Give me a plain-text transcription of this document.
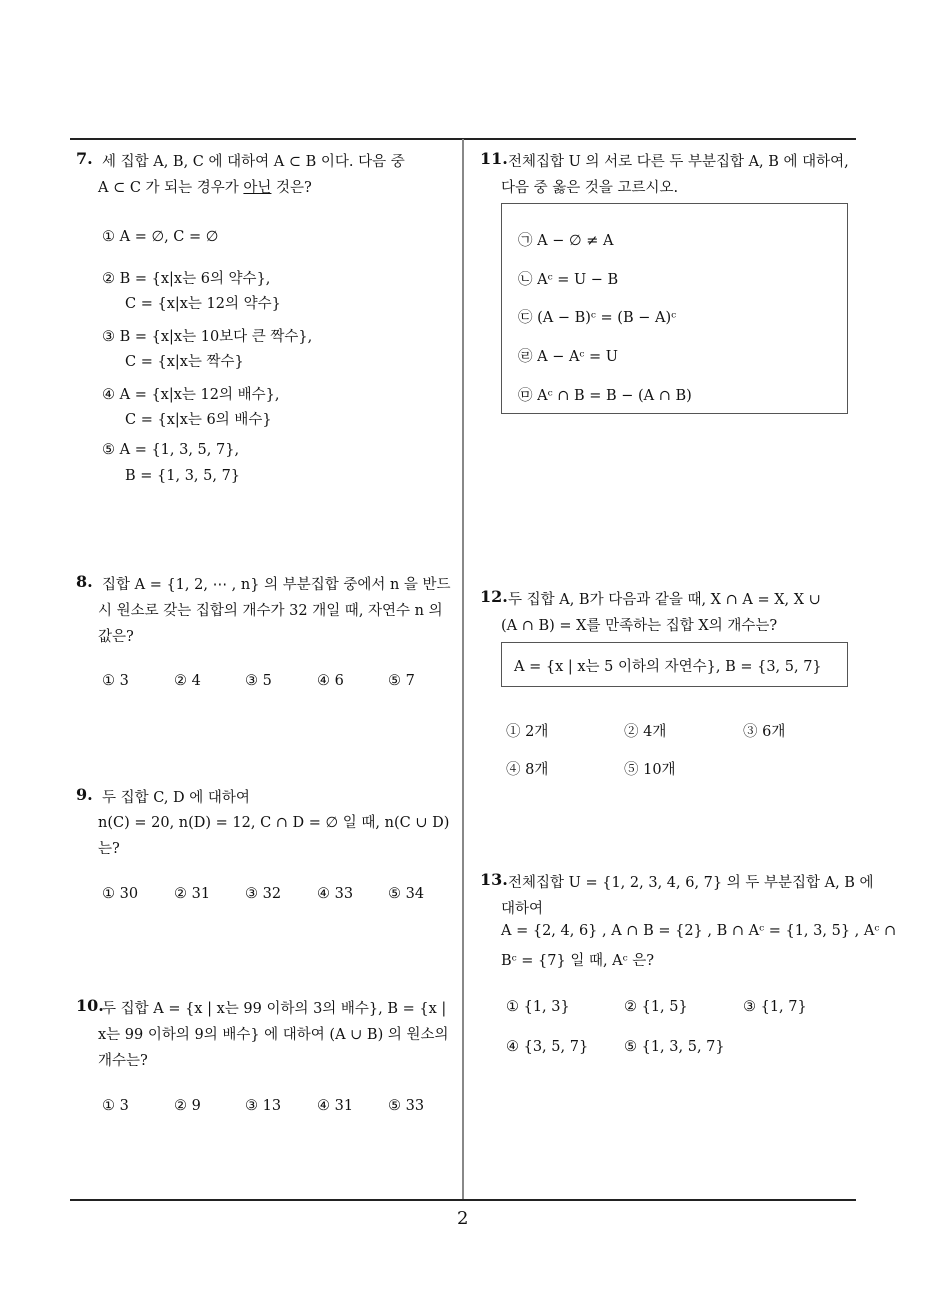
7. 세 집합 A, B, C 에 대하여 A ⊂ B 이다. 다음 중
A ⊂ C 가 되는 경우가 아닌 것은?
① A = ∅, C = ∅
② B = {x|x는 6의 약수},
C = {x|x는 12의 약수}
③ B = {x|x는 10보다 큰 짝수},
C = {x|x는 짝수}
④ A = {x|x는 12의 배수},
C = {x|x는 6의 배수}
⑤ A = {1, 3, 5, 7},
B = {1, 3, 5, 7}
8. 집합 A = {1, 2, ⋯ , n} 의 부분집합 중에서 n 을 반드
시 원소로 갖는 집합의 개수가 32 개일 때, 자연수 n 의
값은?
① 3	② 4	③ 5	④ 6	⑤ 7
9. 두 집합 C, D 에 대하여
n(C) = 20, n(D) = 12, C ∩ D = ∅ 일 때, n(C ∪ D)
는?
① 30 ② 31 ③ 32 ④ 33 ⑤ 34
10.
두 집합 A = {x | x는 99 이하의 3의 배수}, B = {x |
x는 99 이하의 9의 배수} 에 대하여 (A ∪ B) 의 원소의
개수는?
① 3	② 9	③ 13 ④ 31 ⑤ 33
11. 전체집합 U 의 서로 다른 두 부분집합 A, B 에 대하여,
다음 중 옳은 것을 고르시오.
㉠ A − ∅ ≠ A
㉡ Aᶜ = U − B
㉢ (A − B)ᶜ = (B − A)ᶜ
㉣ A − Aᶜ = U
㉤ Aᶜ ∩ B = B − (A ∩ B)
12. 두 집합 A, B가 다음과 같을 때, X ∩ A = X, X ∪
(A ∩ B) = X를 만족하는 집합 X의 개수는?
A = {x | x는 5 이하의 자연수}, B = {3, 5, 7}
① 2개	② 4개	③ 6개
④ 8개	⑤ 10개
13. 전체집합 U = {1, 2, 3, 4, 6, 7} 의 두 부분집합 A, B 에
대하여
A = {2, 4, 6} , A ∩ B = {2} , B ∩ Aᶜ = {1, 3, 5} , Aᶜ ∩
Bᶜ = {7} 일 때, Aᶜ 은?
① {1, 3}	② {1, 5}	③ {1, 7}
④ {3, 5, 7} ⑤ {1, 3, 5, 7}
2
